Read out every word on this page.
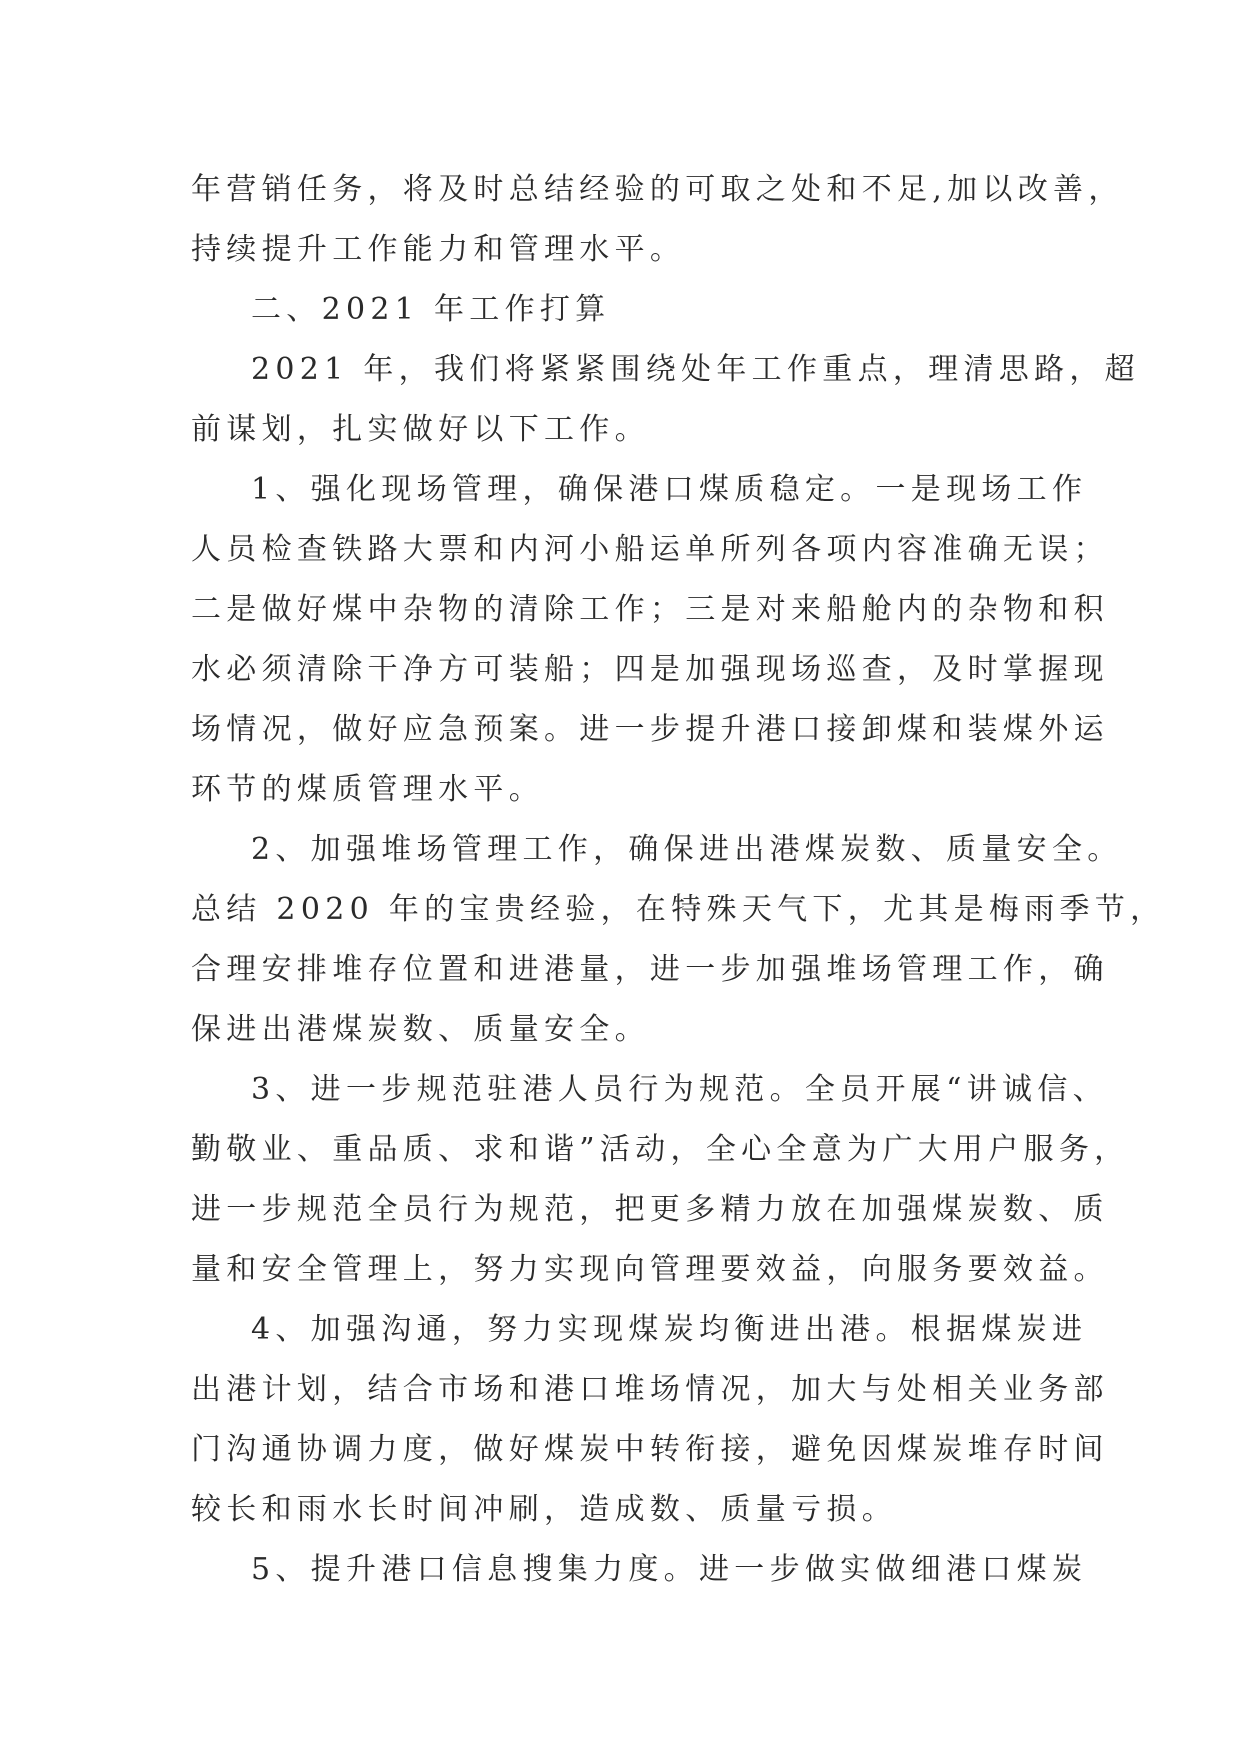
年营销任务，将及时总结经验的可取之处和不足,加以改善，
持续提升工作能力和管理水平。
二、2021 年工作打算
2021 年，我们将紧紧围绕处年工作重点，理清思路，超
前谋划，扎实做好以下工作。
1、强化现场管理，确保港口煤质稳定。一是现场工作
人员检查铁路大票和内河小船运单所列各项内容准确无误；
二是做好煤中杂物的清除工作；三是对来船舱内的杂物和积
水必须清除干净方可装船；四是加强现场巡查，及时掌握现
场情况，做好应急预案。进一步提升港口接卸煤和装煤外运
环节的煤质管理水平。
2、加强堆场管理工作，确保进出港煤炭数、质量安全。
总结 2020 年的宝贵经验，在特殊天气下，尤其是梅雨季节，
合理安排堆存位置和进港量，进一步加强堆场管理工作，确
保进出港煤炭数、质量安全。
3、进一步规范驻港人员行为规范。全员开展“讲诚信、
勤敬业、重品质、求和谐”活动，全心全意为广大用户服务，
进一步规范全员行为规范，把更多精力放在加强煤炭数、质
量和安全管理上，努力实现向管理要效益，向服务要效益。
4、加强沟通，努力实现煤炭均衡进出港。根据煤炭进
出港计划，结合市场和港口堆场情况，加大与处相关业务部
门沟通协调力度，做好煤炭中转衔接，避免因煤炭堆存时间
较长和雨水长时间冲刷，造成数、质量亏损。
5、提升港口信息搜集力度。进一步做实做细港口煤炭
